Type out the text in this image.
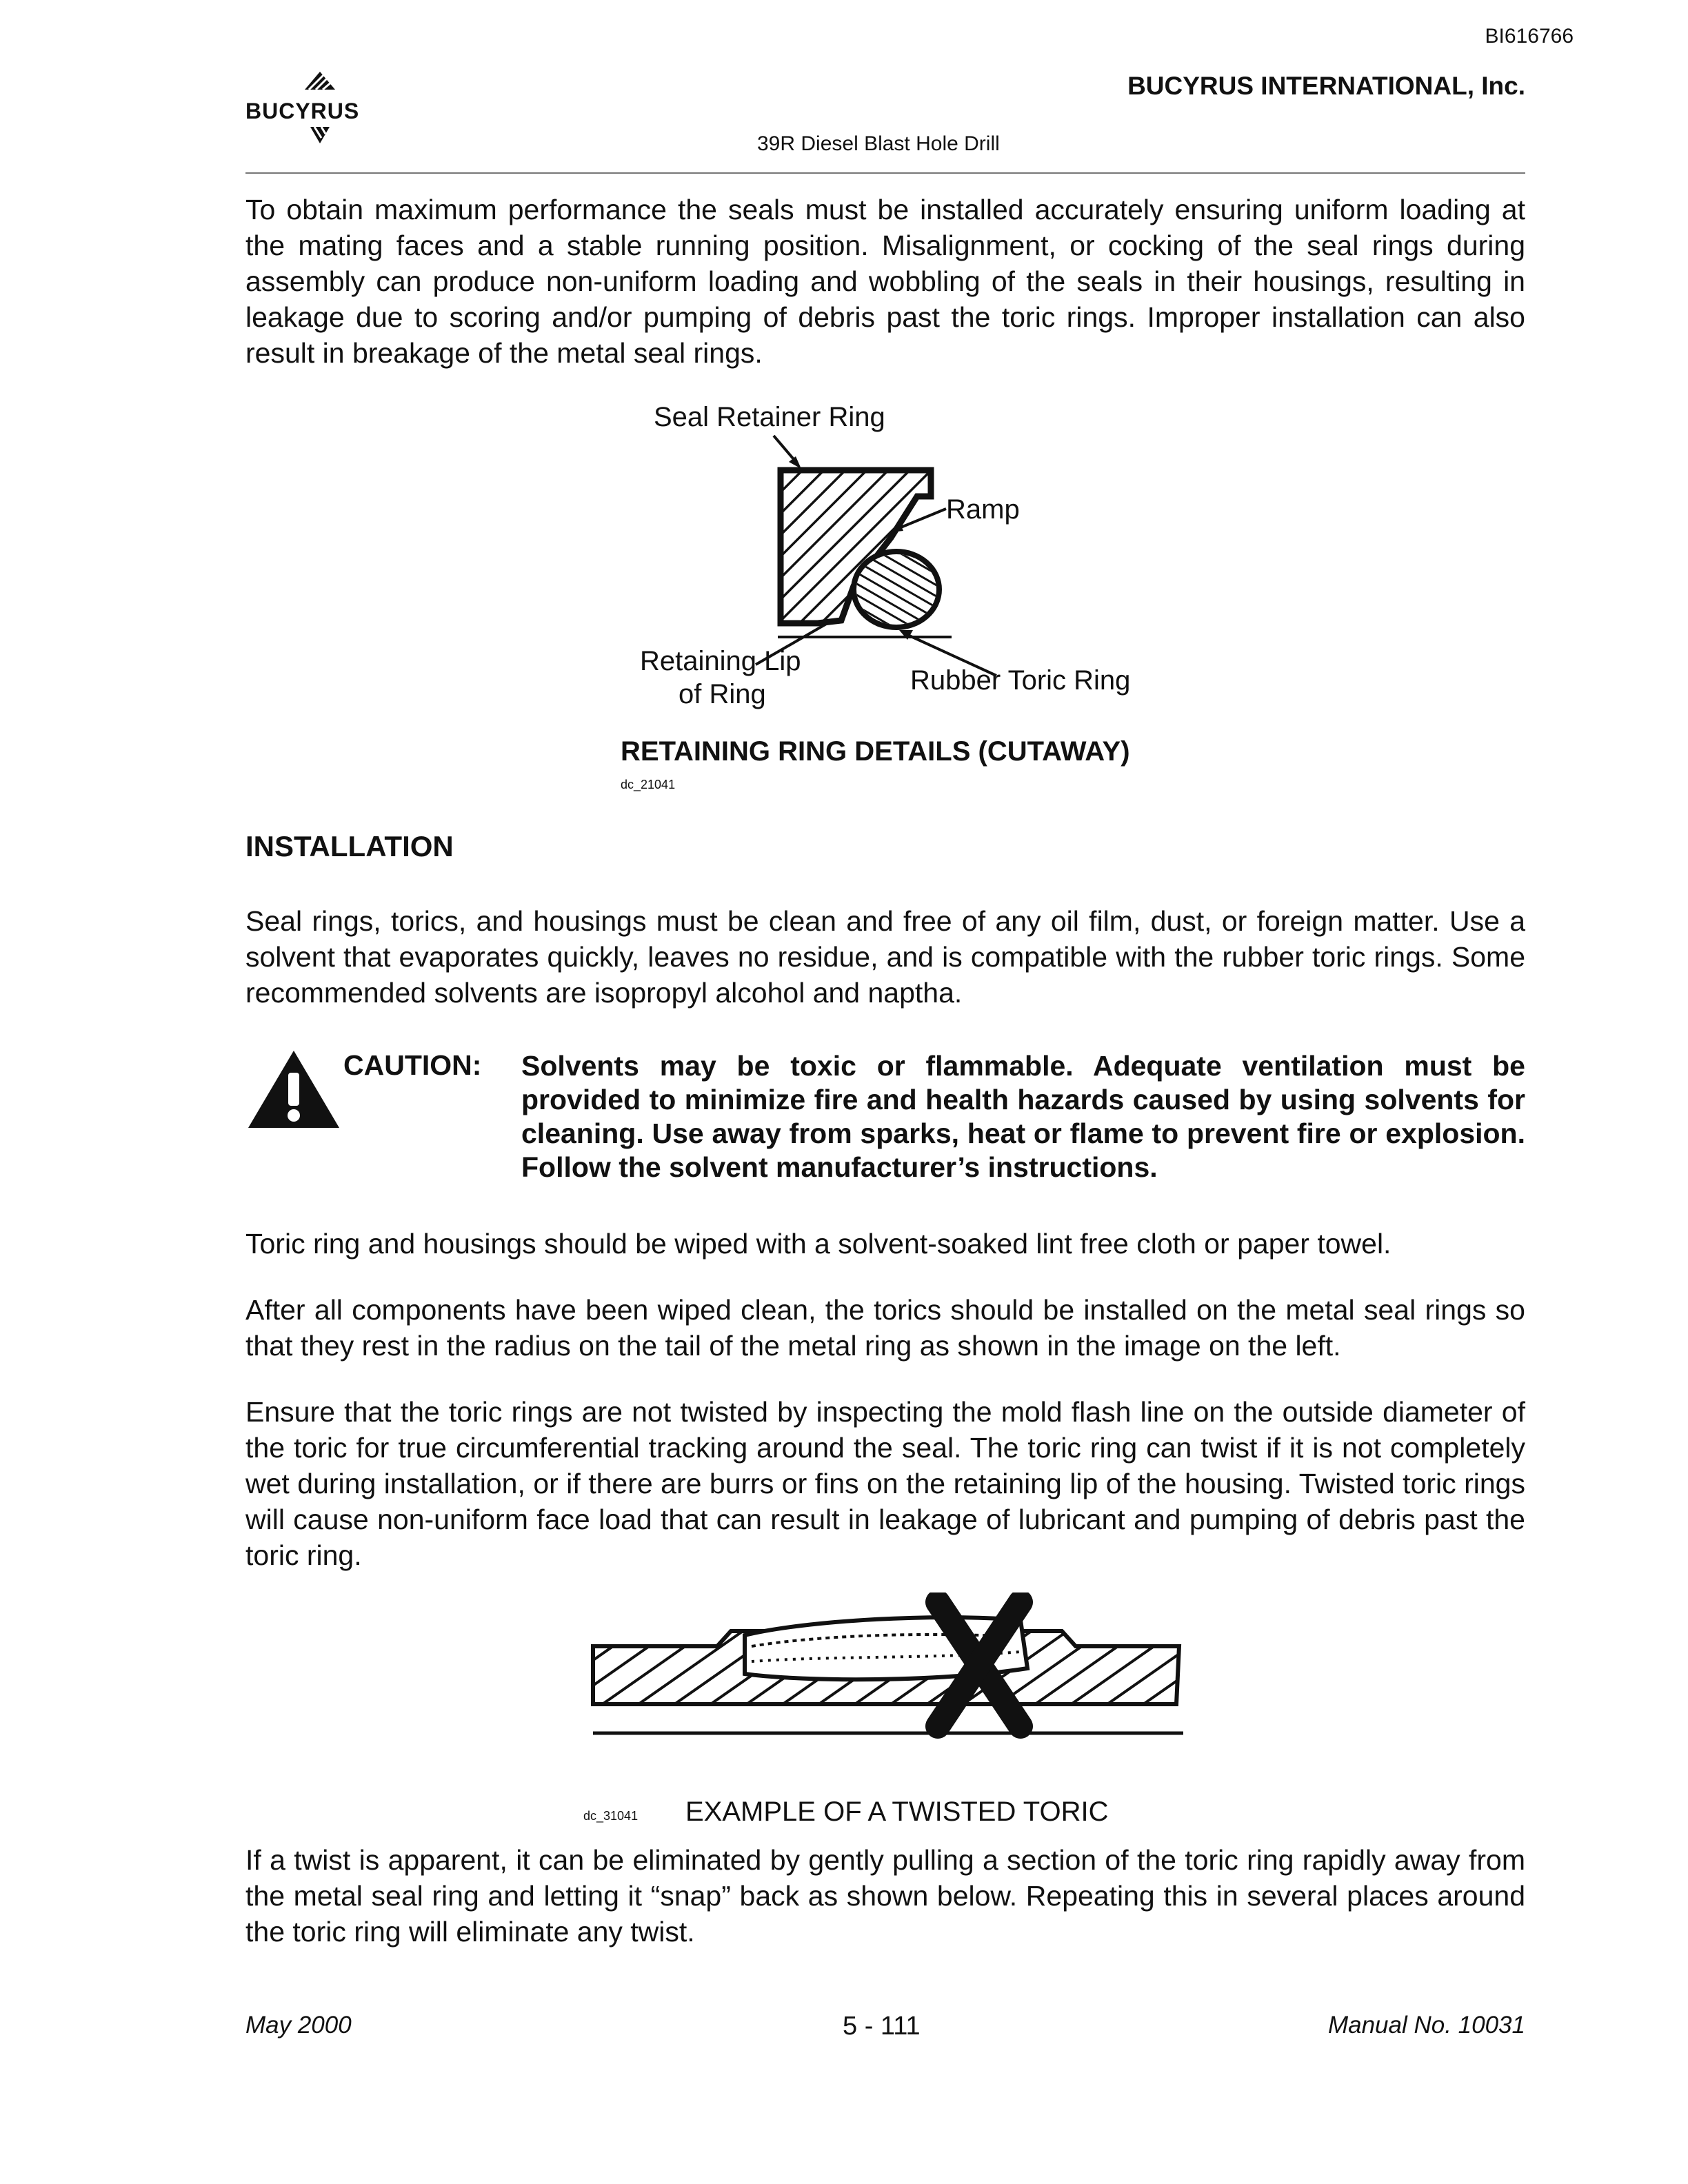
BI616766
BUCYRUS
BUCYRUS INTERNATIONAL, Inc.
39R Diesel Blast Hole Drill

To obtain maximum performance the seals must be installed accurately ensuring uniform loading at the mating faces and a stable running position. Misalignment, or cocking of the seal rings during assembly can produce non-uniform loading and wobbling of the seals in their housings, resulting in leakage due to scoring and/or pumping of debris past the toric rings. Improper installation can also result in breakage of the metal seal rings.

Seal Retainer Ring
Ramp
Retaining Lip
of Ring	Rubber Toric Ring
RETAINING RING DETAILS (CUTAWAY)
dc_21041
INSTALLATION

Seal rings, torics, and housings must be clean and free of any oil film, dust, or foreign matter. Use a solvent that evaporates quickly, leaves no residue, and is compatible with the rubber toric rings. Some recommended solvents are isopropyl alcohol and naptha.

CAUTION: Solvents may be toxic or flammable. Adequate ventilation must be provided to minimize fire and health hazards caused by using solvents for cleaning. Use away from sparks, heat or flame to prevent fire or explosion. Follow the solvent manufacturer’s instructions.

Toric ring and housings should be wiped with a solvent-soaked lint free cloth or paper towel.

After all components have been wiped clean, the torics should be installed on the metal seal rings so that they rest in the radius on the tail of the metal ring as shown in the image on the left.

Ensure that the toric rings are not twisted by inspecting the mold flash line on the outside diameter of the toric for true circumferential tracking around the seal. The toric ring can twist if it is not completely wet during installation, or if there are burrs or fins on the retaining lip of the housing. Twisted toric rings will cause non-uniform face load that can result in leakage of lubricant and pumping of debris past the toric ring.

dc_31041 EXAMPLE OF A TWISTED TORIC

If a twist is apparent, it can be eliminated by gently pulling a section of the toric ring rapidly away from the metal seal ring and letting it “snap” back as shown below. Repeating this in several places around the toric ring will eliminate any twist.

May 2000	5 - 111	Manual No. 10031
